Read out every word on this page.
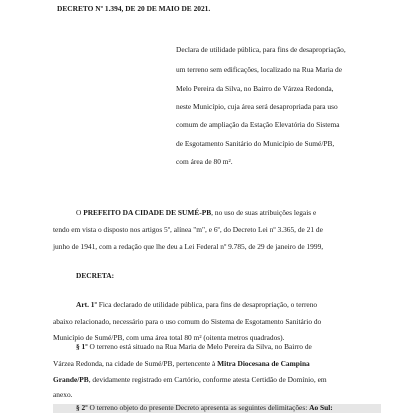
DECRETO Nº 1.394, DE 20 DE MAIO DE 2021.

Declara de utilidade pública, para fins de desapropriação,

um terreno sem edificações, localizado na Rua Maria de

Melo Pereira da Silva, no Bairro de Várzea Redonda,

neste Município, cuja área será desapropriada para uso

comum de ampliação da Estação Elevatória do Sistema

de Esgotamento Sanitário do Município de Sumé/PB,

com área de 80 m².

O PREFEITO DA CIDADE DE SUMÉ-PB, no uso de suas atribuições legais e

tendo em vista o disposto nos artigos 5º, alínea "m", e 6º, do Decreto Lei nº 3.365, de 21 de

junho de 1941, com a redação que lhe deu a Lei Federal nº 9.785, de 29 de janeiro de 1999,

DECRETA:

Art. 1º Fica declarado de utilidade pública, para fins de desapropriação, o terreno

abaixo relacionado, necessário para o uso comum do Sistema de Esgotamento Sanitário do

Município de Sumé/PB, com uma área total 80 m² (oitenta metros quadrados).

§ 1º O terreno está situado na Rua Maria de Melo Pereira da Silva, no Bairro de

Várzea Redonda, na cidade de Sumé/PB, pertencente à Mitra Diocesana de Campina

Grande/PB, devidamente registrado em Cartório, conforme atesta Certidão de Domínio, em

anexo.

§ 2º O terreno objeto do presente Decreto apresenta as seguintes delimitações: Ao Sul:
